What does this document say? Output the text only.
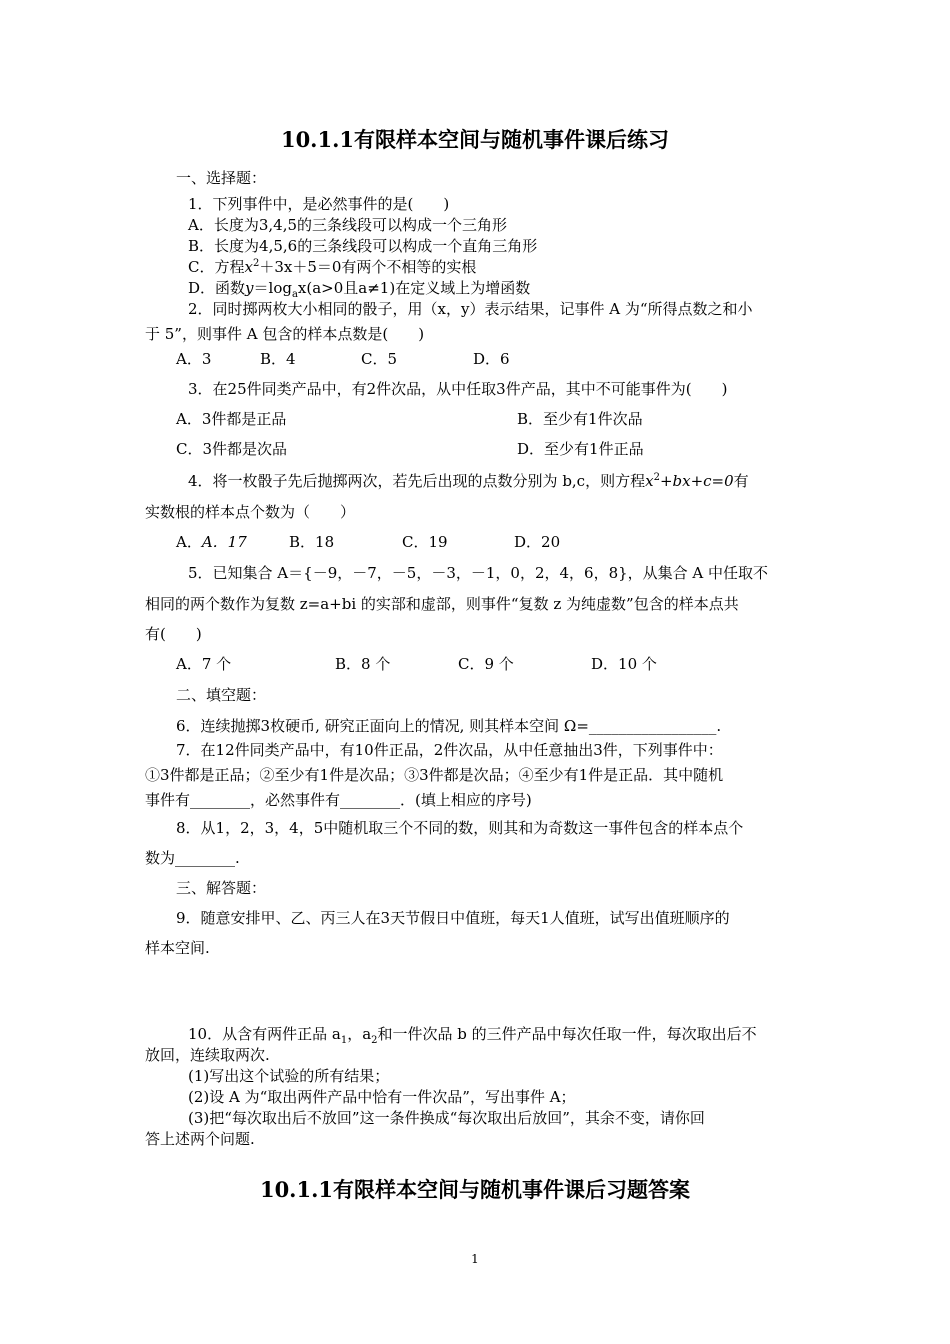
10.1.1有限样本空间与随机事件课后练习
一、选择题：
1．下列事件中，是必然事件的是(　　)
A．长度为3,4,5的三条线段可以构成一个三角形
B．长度为4,5,6的三条线段可以构成一个直角三角形
C．方程$x^2+3x+5=0$有两个不相等的实根
D．函数$y=\log_ax(a>0$且a≠1)在定义域上为增函数
2．同时掷两枚大小相同的骰子，用（x，y）表示结果，记事件 A 为“所得点数之和小
于 5”，则事件 A 包含的样本点数是(　　)
A．3	B．4	C．5	D．6
3．在25件同类产品中，有2件次品，从中任取3件产品，其中不可能事件为(　　)
A．3件都是正品	B．至少有1件次品
C．3件都是次品	D．至少有1件正品
4．将一枚骰子先后抛掷两次，若先后出现的点数分别为 b,c，则方程$x^2+bx+c=0$有
实数根的样本点个数为（　　）
A．A．17	B．18	C．19	D．20
5．已知集合 A＝{－9，－7，－5，－3，－1，0，2，4，6，8}，从集合 A 中任取不
相同的两个数作为复数 z=a+bi 的实部和虚部，则事件“复数 z 为纯虚数”包含的样本点共
有(　　)
A．7 个	B．8 个	C．9 个	D．10 个
二、填空题：
6．连续抛掷3枚硬币, 研究正面向上的情况, 则其样本空间 Ω=_________________.
7．在12件同类产品中，有10件正品，2件次品，从中任意抽出3件，下列事件中：
①3件都是正品；②至少有1件是次品；③3件都是次品；④至少有1件是正品．其中随机
事件有________，必然事件有________．(填上相应的序号)
8．从1，2，3，4，5中随机取三个不同的数，则其和为奇数这一事件包含的样本点个
数为________.
三、解答题：
9．随意安排甲、乙、丙三人在3天节假日中值班，每天1人值班，试写出值班顺序的
样本空间.
10．从含有两件正品 $a_1$，$a_2$和一件次品 b 的三件产品中每次任取一件，每次取出后不
放回，连续取两次.
(1)写出这个试验的所有结果；
(2)设 A 为“取出两件产品中恰有一件次品”，写出事件 A；
(3)把“每次取出后不放回”这一条件换成“每次取出后放回”，其余不变，请你回
答上述两个问题.
10.1.1有限样本空间与随机事件课后习题答案
1
